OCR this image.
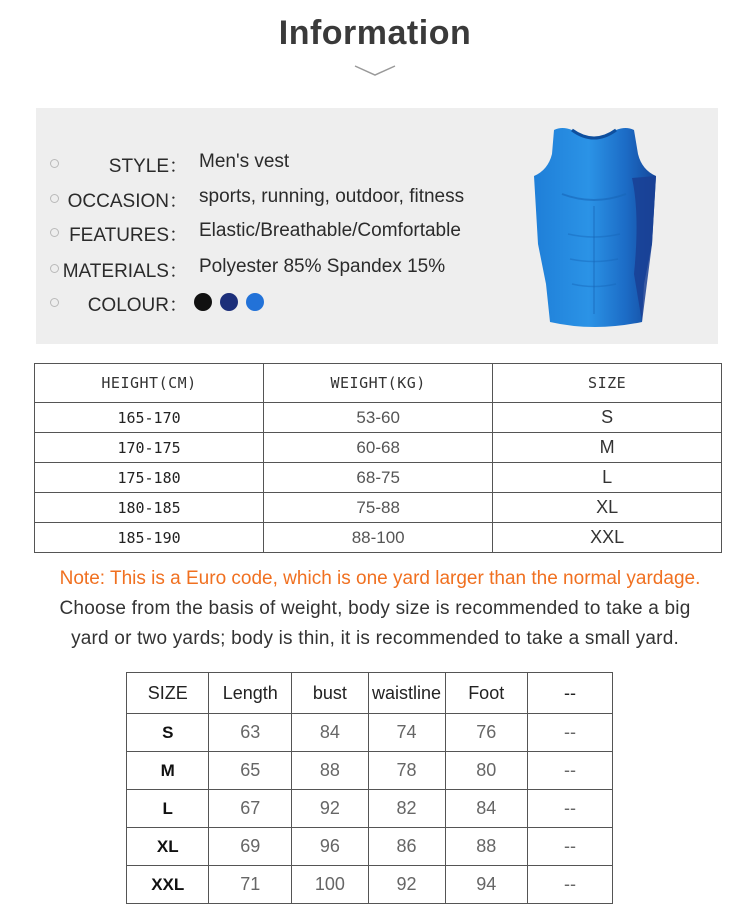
Information
STYLE： Men's vest
OCCASION： sports, running, outdoor, fitness
FEATURES： Elastic/Breathable/Comfortable
MATERIALS： Polyester 85% Spandex 15%
COLOUR：
HEIGHT(CM)	WEIGHT(KG)	SIZE
165-170	53-60	S
170-175	60-68	M
175-180	68-75	L
180-185	75-88	XL
185-190	88-100	XXL
Note: This is a Euro code, which is one yard larger than the normal yardage.
Choose from the basis of weight, body size is recommended to take a big
yard or two yards; body is thin, it is recommended to take a small yard.
SIZE	Length	bust	waistline	Foot	--
S	63	84	74	76	--
M	65	88	78	80	--
L	67	92	82	84	--
XL	69	96	86	88	--
XXL	71	100	92	94	--
